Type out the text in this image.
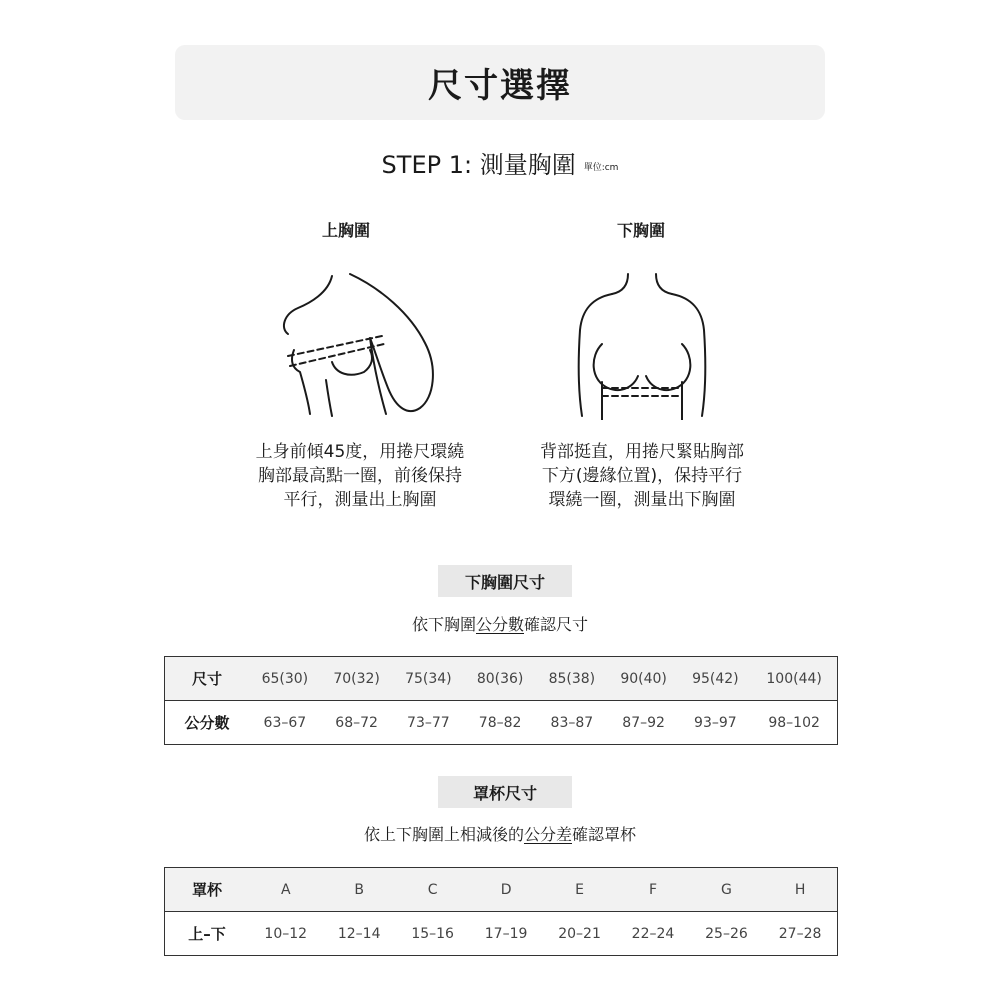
尺寸選擇
STEP 1: 測量胸圍 單位:cm
上胸圍
上身前傾45度，用捲尺環繞
胸部最高點一圈，前後保持
平行，測量出上胸圍
下胸圍
背部挺直，用捲尺緊貼胸部
下方(邊緣位置)，保持平行
環繞一圈，測量出下胸圍
下胸圍尺寸
依下胸圍公分數確認尺寸
尺寸	65(30)	70(32)	75(34)	80(36)	85(38)	90(40)	95(42)	100(44)
公分數	63–67	68–72	73–77	78–82	83–87	87–92	93–97	98–102
罩杯尺寸
依上下胸圍上相減後的公分差確認罩杯
罩杯	A	B	C	D	E	F	G	H
上–下	10–12	12–14	15–16	17–19	20–21	22–24	25–26	27–28
